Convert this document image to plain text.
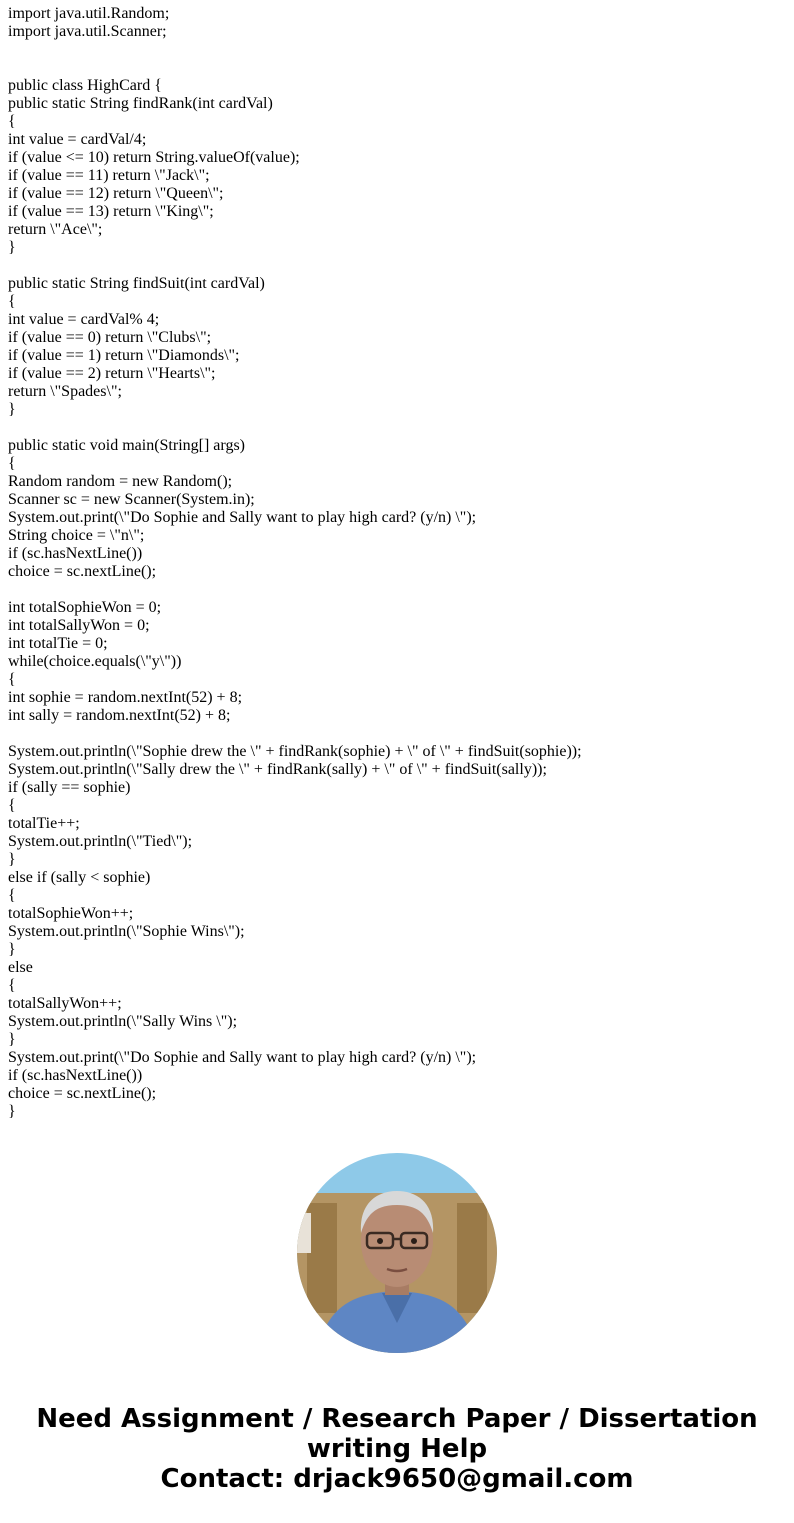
import java.util.Random;
import java.util.Scanner;
public class HighCard {
public static String findRank(int cardVal)
{
int value = cardVal/4;
if (value <= 10) return String.valueOf(value);
if (value == 11) return \"Jack\";
if (value == 12) return \"Queen\";
if (value == 13) return \"King\";
return \"Ace\";
}
public static String findSuit(int cardVal)
{
int value = cardVal% 4;
if (value == 0) return \"Clubs\";
if (value == 1) return \"Diamonds\";
if (value == 2) return \"Hearts\";
return \"Spades\";
}
public static void main(String[] args)
{
Random random = new Random();
Scanner sc = new Scanner(System.in);
System.out.print(\"Do Sophie and Sally want to play high card? (y/n) \");
String choice = \"n\";
if (sc.hasNextLine())
choice = sc.nextLine();
int totalSophieWon = 0;
int totalSallyWon = 0;
int totalTie = 0;
while(choice.equals(\"y\"))
{
int sophie = random.nextInt(52) + 8;
int sally = random.nextInt(52) + 8;
System.out.println(\"Sophie drew the \" + findRank(sophie) + \" of \" + findSuit(sophie));
System.out.println(\"Sally drew the \" + findRank(sally) + \" of \" + findSuit(sally));
if (sally == sophie)
{
totalTie++;
System.out.println(\"Tied\");
}
else if (sally < sophie)
{
totalSophieWon++;
System.out.println(\"Sophie Wins\");
}
else
{
totalSallyWon++;
System.out.println(\"Sally Wins \");
}
System.out.print(\"Do Sophie and Sally want to play high card? (y/n) \");
if (sc.hasNextLine())
choice = sc.nextLine();
}
Need Assignment / Research Paper / Dissertation
writing Help
Contact: drjack9650@gmail.com
